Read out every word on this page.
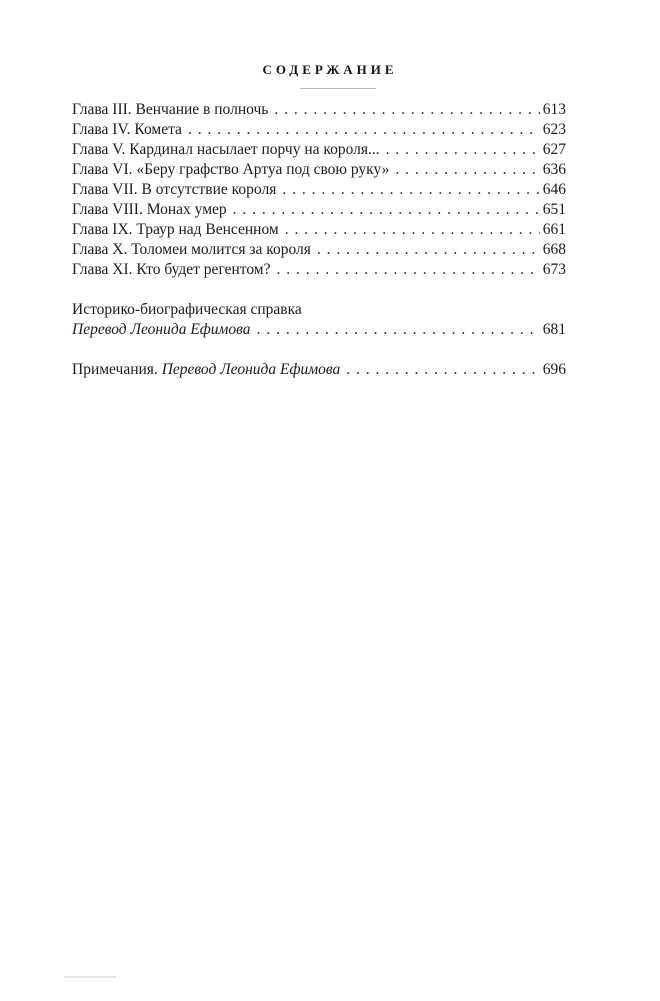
СОДЕРЖАНИЕ
Глава III. Венчание в полночь . . .	613
Глава IV. Комета . . .	623
Глава V. Кардинал насылает порчу на короля... . . .	627
Глава VI. «Беру графство Артуа под свою руку» . . .	636
Глава VII. В отсутствие короля . . .	646
Глава VIII. Монах умер . . .	651
Глава IX. Траур над Венсенном . . .	661
Глава X. Толомеи молится за короля . . .	668
Глава XI. Кто будет регентом? . . .	673
Историко-биографическая справка
Перевод Леонида Ефимова . . .	681
Примечания. Перевод Леонида Ефимова . . .	696
